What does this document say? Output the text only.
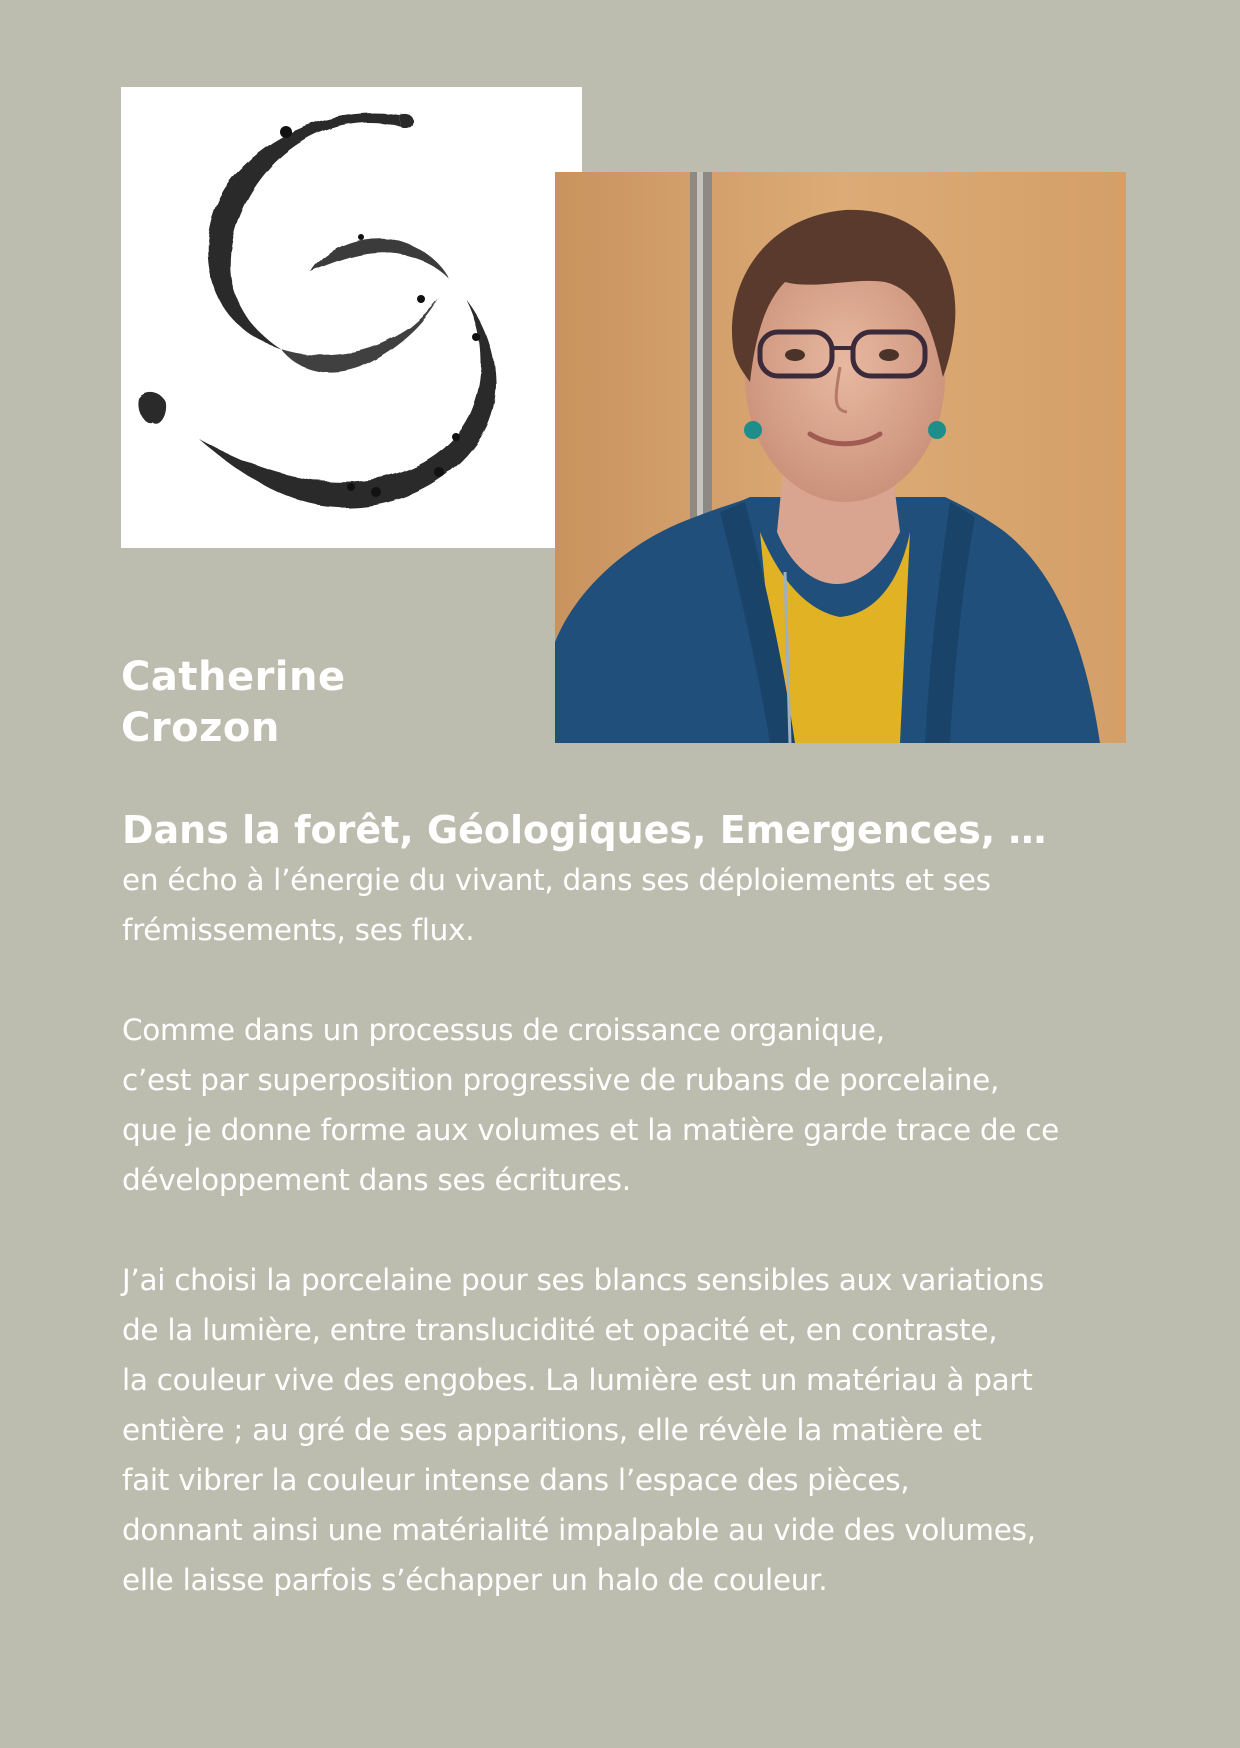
Catherine
Crozon
Dans la forêt, Géologiques, Emergences, …
en écho à l’énergie du vivant, dans ses déploiements et ses
frémissements, ses flux.
Comme dans un processus de croissance organique,
c’est par superposition progressive de rubans de porcelaine,
que je donne forme aux volumes et la matière garde trace de ce
développement dans ses écritures.
J’ai choisi la porcelaine pour ses blancs sensibles aux variations
de la lumière, entre translucidité et opacité et, en contraste,
la couleur vive des engobes. La lumière est un matériau à part
entière ; au gré de ses apparitions, elle révèle la matière et
fait vibrer la couleur intense dans l’espace des pièces,
donnant ainsi une matérialité impalpable au vide des volumes,
elle laisse parfois s’échapper un halo de couleur.
